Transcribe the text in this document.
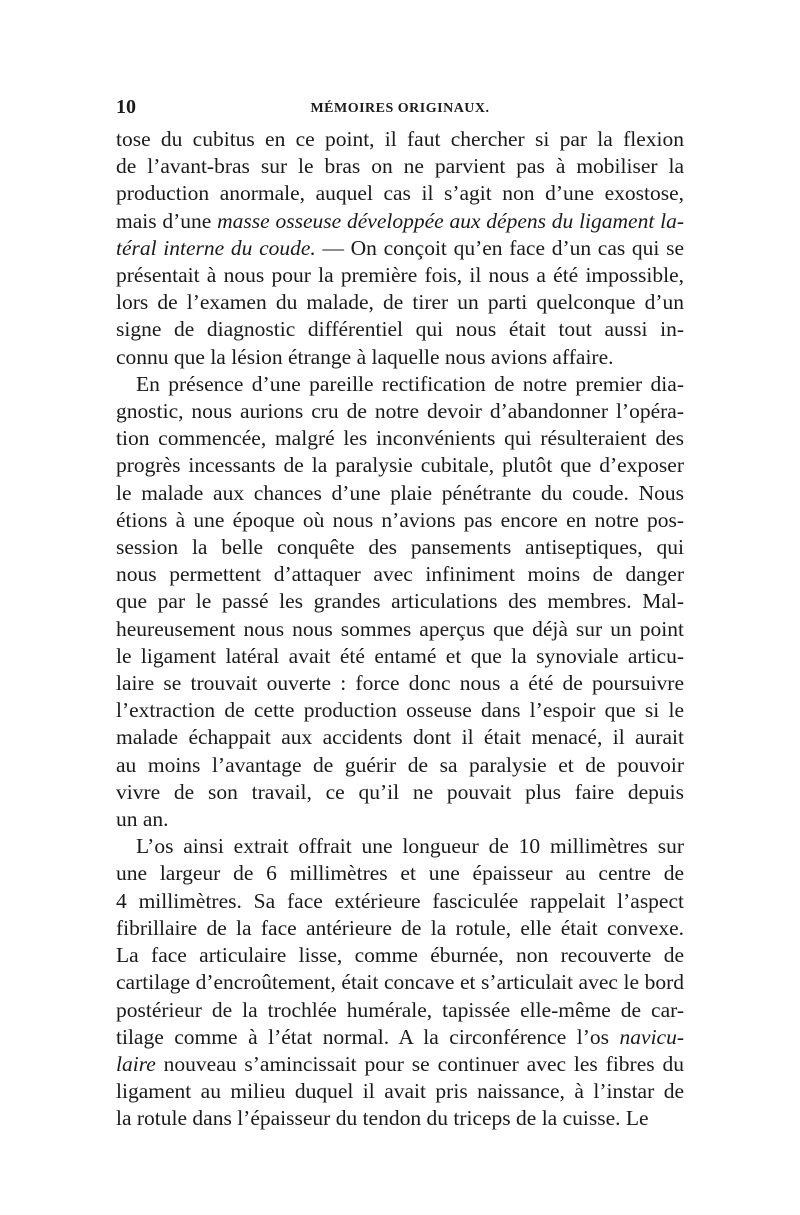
10	MÉMOIRES ORIGINAUX.

tose du cubitus en ce point, il faut chercher si par la flexion
de l’avant-bras sur le bras on ne parvient pas à mobiliser la
production anormale, auquel cas il s’agit non d’une exostose,
mais d’une masse osseuse développée aux dépens du ligament la-
téral interne du coude. — On conçoit qu’en face d’un cas qui se
présentait à nous pour la première fois, il nous a été impossible,
lors de l’examen du malade, de tirer un parti quelconque d’un
signe de diagnostic différentiel qui nous était tout aussi in-
connu que la lésion étrange à laquelle nous avions affaire.

En présence d’une pareille rectification de notre premier dia-
gnostic, nous aurions cru de notre devoir d’abandonner l’opéra-
tion commencée, malgré les inconvénients qui résulteraient des
progrès incessants de la paralysie cubitale, plutôt que d’exposer
le malade aux chances d’une plaie pénétrante du coude. Nous
étions à une époque où nous n’avions pas encore en notre pos-
session la belle conquête des pansements antiseptiques, qui
nous permettent d’attaquer avec infiniment moins de danger
que par le passé les grandes articulations des membres. Mal-
heureusement nous nous sommes aperçus que déjà sur un point
le ligament latéral avait été entamé et que la synoviale articu-
laire se trouvait ouverte : force donc nous a été de poursuivre
l’extraction de cette production osseuse dans l’espoir que si le
malade échappait aux accidents dont il était menacé, il aurait
au moins l’avantage de guérir de sa paralysie et de pouvoir
vivre de son travail, ce qu’il ne pouvait plus faire depuis
un an.

L’os ainsi extrait offrait une longueur de 10 millimètres sur
une largeur de 6 millimètres et une épaisseur au centre de
4 millimètres. Sa face extérieure fasciculée rappelait l’aspect
fibrillaire de la face antérieure de la rotule, elle était convexe.
La face articulaire lisse, comme éburnée, non recouverte de
cartilage d’encroûtement, était concave et s’articulait avec le bord
postérieur de la trochlée humérale, tapissée elle-même de car-
tilage comme à l’état normal. A la circonférence l’os navicu-
laire nouveau s’amincissait pour se continuer avec les fibres du
ligament au milieu duquel il avait pris naissance, à l’instar de
la rotule dans l’épaisseur du tendon du triceps de la cuisse. Le
